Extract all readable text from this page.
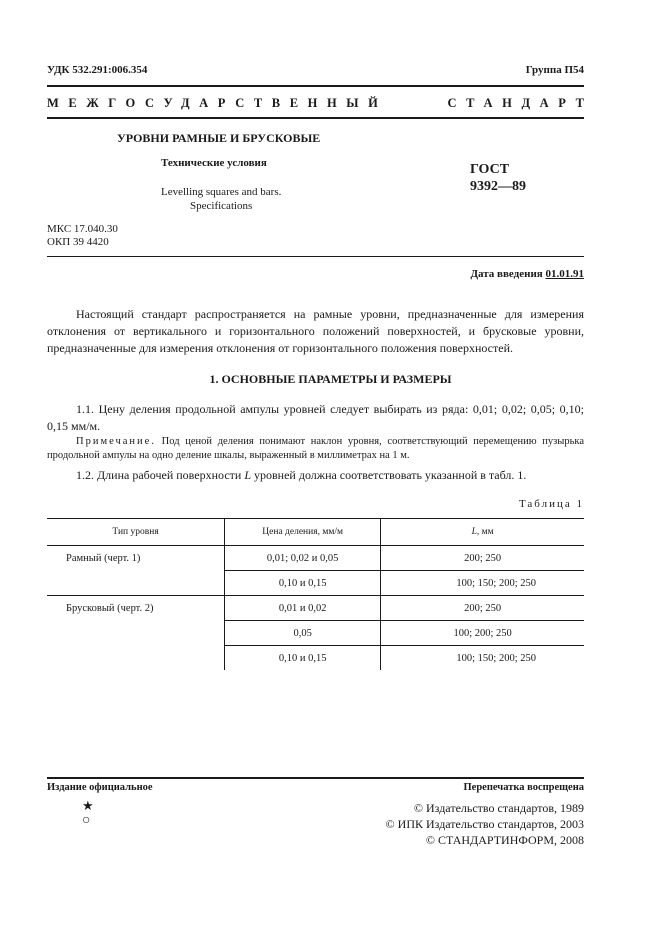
УДК 532.291:006.354	Группа П54
МЕЖГОСУДАРСТВЕННЫЙ	СТАНДАРТ
УРОВНИ РАМНЫЕ И БРУСКОВЫЕ
Технические условия
Levelling squares and bars.
Specifications
ГОСТ
9392—89
МКС 17.040.30
ОКП 39 4420
Дата введения 01.01.91
Настоящий стандарт распространяется на рамные уровни, предназначенные для измерения отклонения от вертикального и горизонтального положений поверхностей, и брусковые уровни, предназначенные для измерения отклонения от горизонтального положения поверхностей.
1. ОСНОВНЫЕ ПАРАМЕТРЫ И РАЗМЕРЫ
1.1. Цену деления продольной ампулы уровней следует выбирать из ряда: 0,01; 0,02; 0,05; 0,10; 0,15 мм/м.
Примечание. Под ценой деления понимают наклон уровня, соответствующий перемещению пузырька продольной ампулы на одно деление шкалы, выраженный в миллиметрах на 1 м.
1.2. Длина рабочей поверхности L уровней должна соответствовать указанной в табл. 1.
Таблица 1
Тип уровня	Цена деления, мм/м	L, мм
Рамный (черт. 1)	0,01; 0,02 и 0,05	200; 250
	0,10 и 0,15	100; 150; 200; 250
Брусковый (черт. 2)	0,01 и 0,02	200; 250
	0,05	100; 200; 250
	0,10 и 0,15	100; 150; 200; 250
Издание официальное	Перепечатка воспрещена
★
○
© Издательство стандартов, 1989
© ИПК Издательство стандартов, 2003
© СТАНДАРТИНФОРМ, 2008
